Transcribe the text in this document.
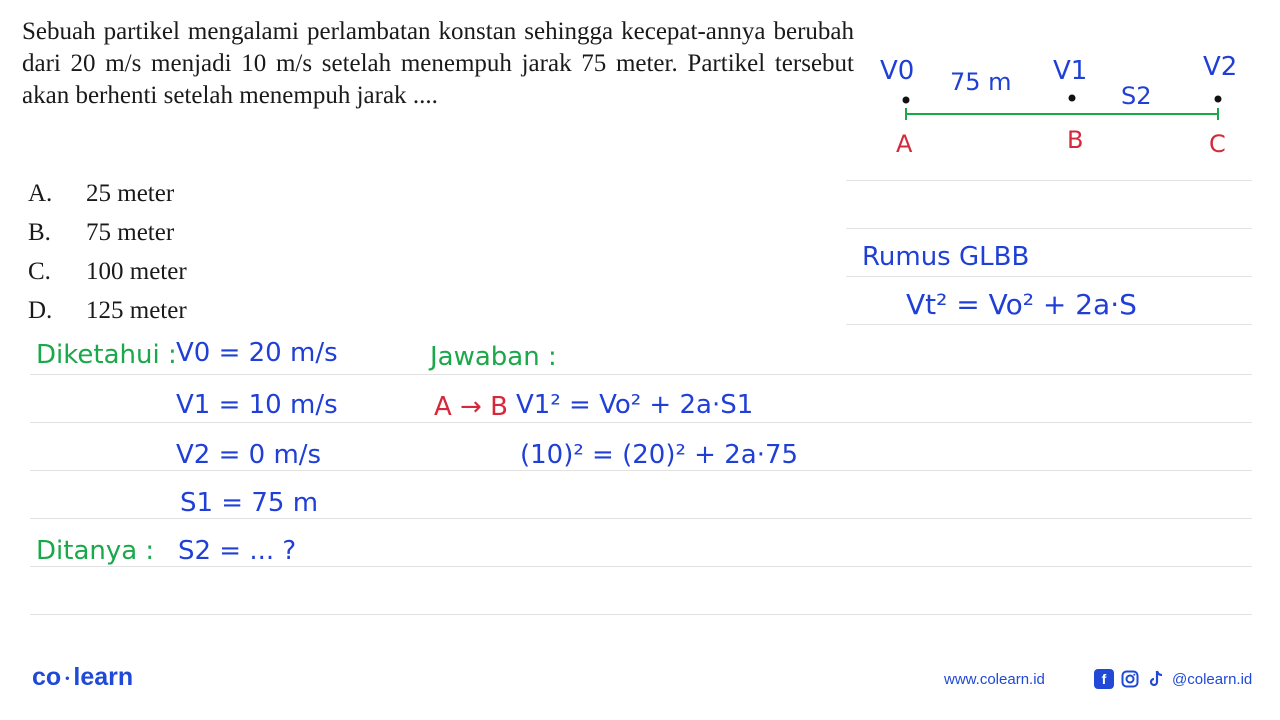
Sebuah partikel mengalami perlambatan konstan sehingga kecepat-annya berubah dari 20 m/s menjadi 10 m/s setelah menempuh jarak 75 meter. Partikel tersebut akan berhenti setelah menempuh jarak ....
A. 25 meter
B. 75 meter
C. 100 meter
D. 125 meter
V0	V1	V2
75 m	S2
A	B	C
Rumus GLBB
Vt² = Vo² + 2a·S
Diketahui : V0 = 20 m/s
V1 = 10 m/s
V2 = 0 m/s
S1 = 75 m
Ditanya : S2 = ... ?
Jawaban :
A → B V1² = Vo² + 2a·S1
(10)² = (20)² + 2a·75
co • learn	www.colearn.id	f	@colearn.id
